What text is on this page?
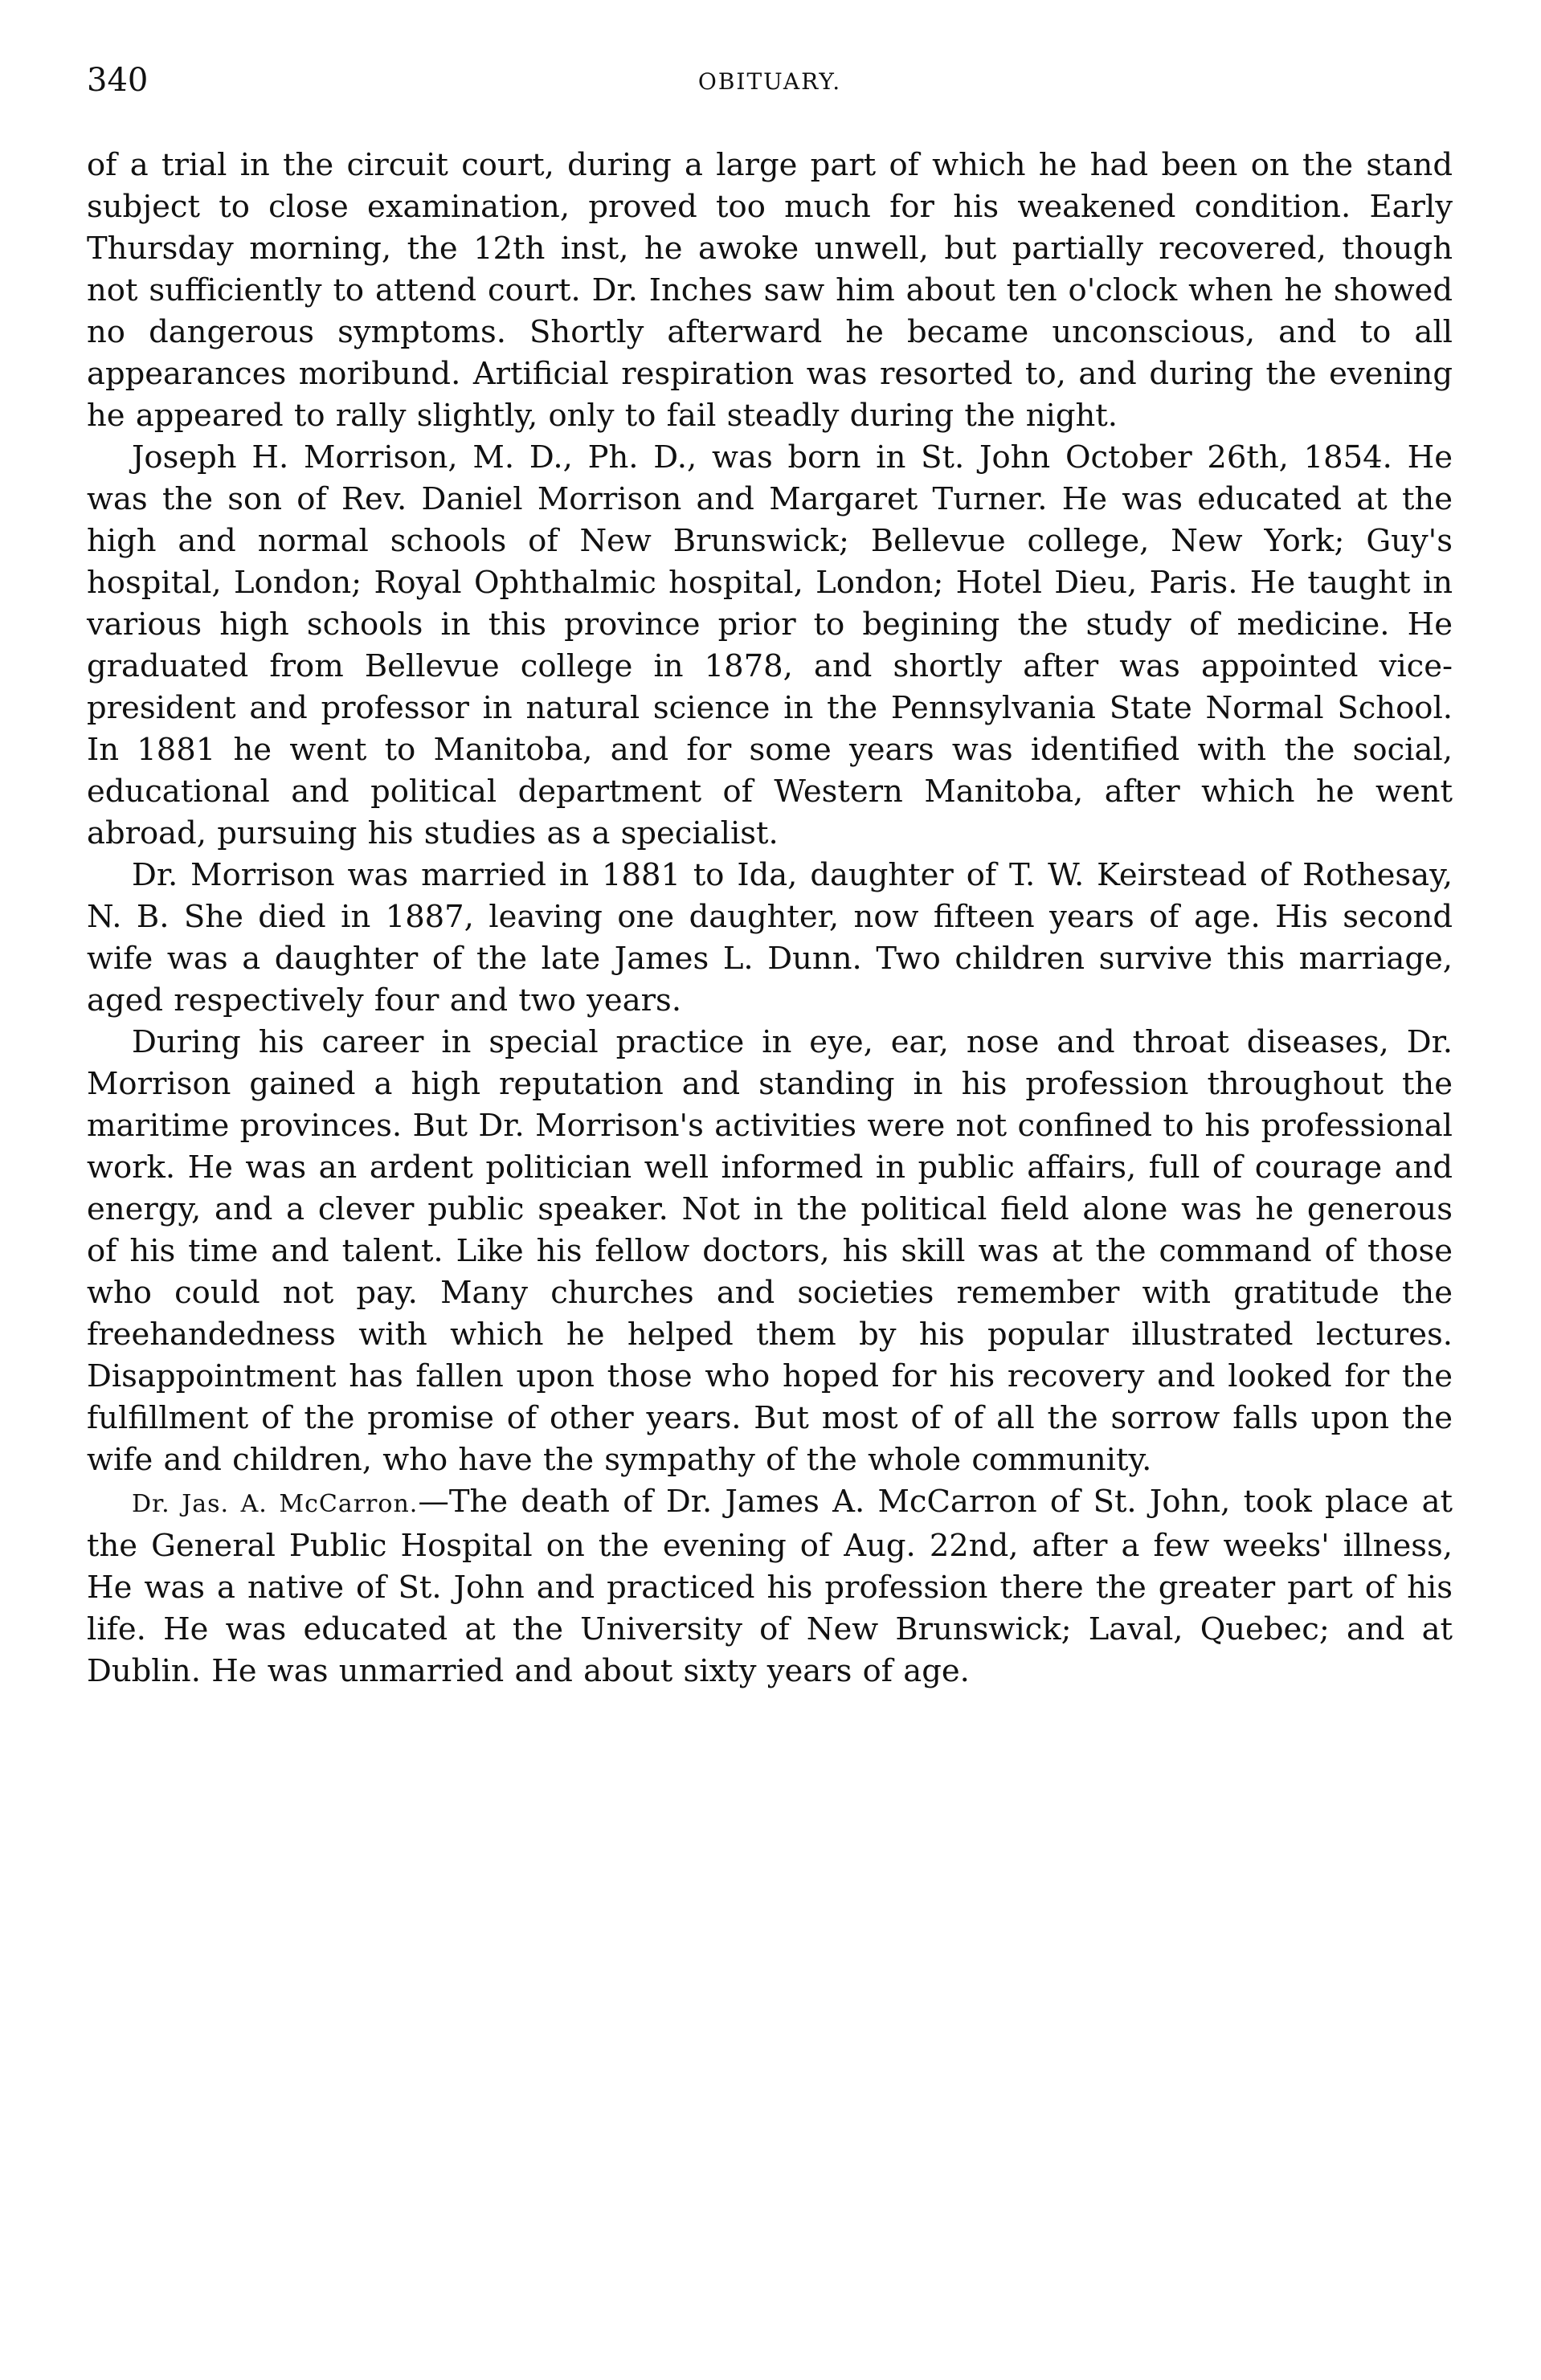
340	OBITUARY.

of a trial in the circuit court, during a large part of which he had been on the stand subject to close examination, proved too much for his weakened condition. Early Thursday morning, the 12th inst, he awoke unwell, but partially recovered, though not sufficiently to attend court. Dr. Inches saw him about ten o'clock when he showed no dangerous symptoms. Shortly afterward he became unconscious, and to all appearances moribund. Artificial respiration was resorted to, and during the evening he appeared to rally slightly, only to fail steadly during the night.

Joseph H. Morrison, M. D., Ph. D., was born in St. John October 26th, 1854. He was the son of Rev. Daniel Morrison and Margaret Turner. He was educated at the high and normal schools of New Brunswick; Bellevue college, New York; Guy's hospital, London; Royal Ophthalmic hospital, London; Hotel Dieu, Paris. He taught in various high schools in this province prior to begining the study of medicine. He graduated from Bellevue college in 1878, and shortly after was appointed vice-president and professor in natural science in the Pennsylvania State Normal School. In 1881 he went to Manitoba, and for some years was identified with the social, educational and political department of Western Manitoba, after which he went abroad, pursuing his studies as a specialist.

Dr. Morrison was married in 1881 to Ida, daughter of T. W. Keirstead of Rothesay, N. B. She died in 1887, leaving one daughter, now fifteen years of age. His second wife was a daughter of the late James L. Dunn. Two children survive this marriage, aged respectively four and two years.

During his career in special practice in eye, ear, nose and throat diseases, Dr. Morrison gained a high reputation and standing in his profession throughout the maritime provinces. But Dr. Morrison's activities were not confined to his professional work. He was an ardent politician well informed in public affairs, full of courage and energy, and a clever public speaker. Not in the political field alone was he generous of his time and talent. Like his fellow doctors, his skill was at the command of those who could not pay. Many churches and societies remember with gratitude the freehandedness with which he helped them by his popular illustrated lectures. Disappointment has fallen upon those who hoped for his recovery and looked for the fulfillment of the promise of other years. But most of of all the sorrow falls upon the wife and children, who have the sympathy of the whole community.

Dr. Jas. A. McCarron.—The death of Dr. James A. McCarron of St. John, took place at the General Public Hospital on the evening of Aug. 22nd, after a few weeks' illness, He was a native of St. John and practiced his profession there the greater part of his life. He was educated at the University of New Brunswick; Laval, Quebec; and at Dublin. He was unmarried and about sixty years of age.
